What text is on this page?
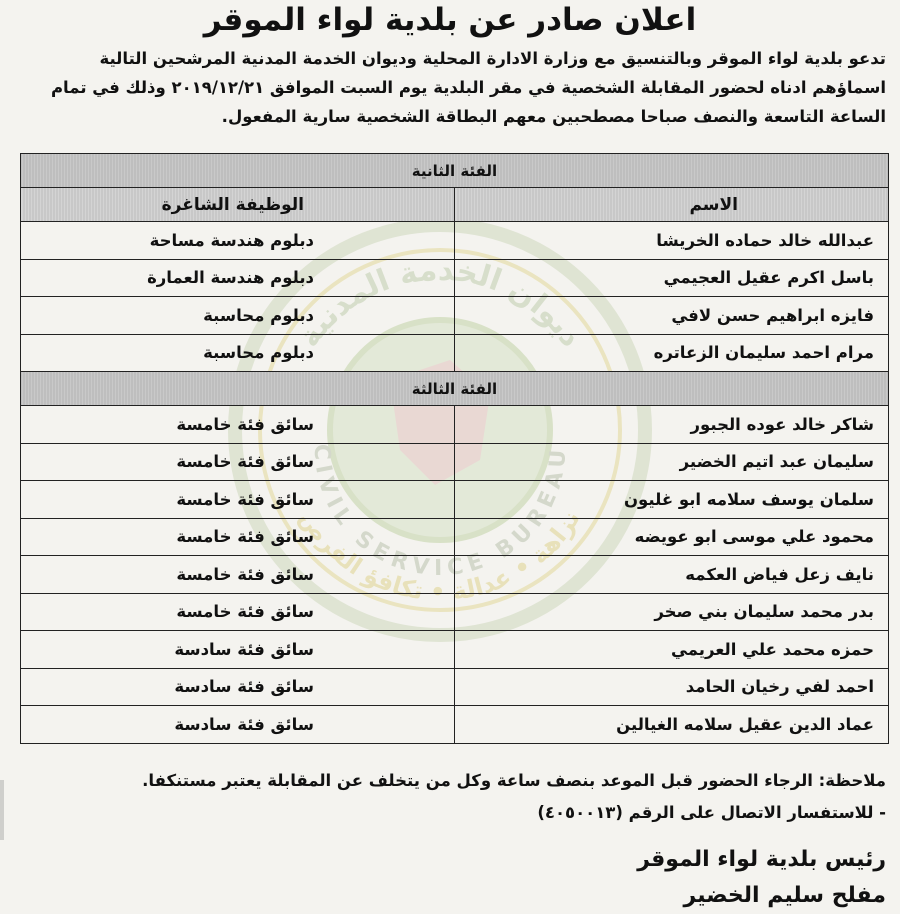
ديوان الخدمة المدنية
CIVIL SERVICE BUREAU
نزاهة • عدالة • تكافؤ الفرص
اعلان صادر عن بلدية لواء الموقر
تدعو بلدية لواء الموقر وبالتنسيق مع وزارة الادارة المحلية وديوان الخدمة المدنية المرشحين التالية
اسماؤهم ادناه لحضور المقابلة الشخصية في مقر البلدية يوم السبت الموافق ٢٠١٩/١٢/٢١ وذلك في تمام
الساعة التاسعة والنصف صباحا مصطحبين معهم البطاقة الشخصية سارية المفعول.
الفئة الثانية	
الاسم	الوظيفة الشاغرة
عبدالله خالد حماده الخريشا	دبلوم هندسة مساحة
باسل اكرم عقيل العجيمي	دبلوم هندسة العمارة
فايزه ابراهيم حسن لافي	دبلوم محاسبة
مرام احمد سليمان الزعاتره	دبلوم محاسبة
الفئة الثالثة	
شاكر خالد عوده الجبور	سائق فئة خامسة
سليمان عبد اتيم الخضير	سائق فئة خامسة
سلمان يوسف سلامه ابو غليون	سائق فئة خامسة
محمود علي موسى ابو عويضه	سائق فئة خامسة
نايف زعل فياض العكمه	سائق فئة خامسة
بدر محمد سليمان بني صخر	سائق فئة خامسة
حمزه محمد علي العريمي	سائق فئة سادسة
احمد لفي رخيان الحامد	سائق فئة سادسة
عماد الدين عقيل سلامه الغيالين	سائق فئة سادسة
ملاحظة: الرجاء الحضور قبل الموعد بنصف ساعة وكل من يتخلف عن المقابلة يعتبر مستنكفا.
- للاستفسار الاتصال على الرقم (٤٠٥٠٠١٣)
رئيس بلدية لواء الموقر
مفلح سليم الخضير
